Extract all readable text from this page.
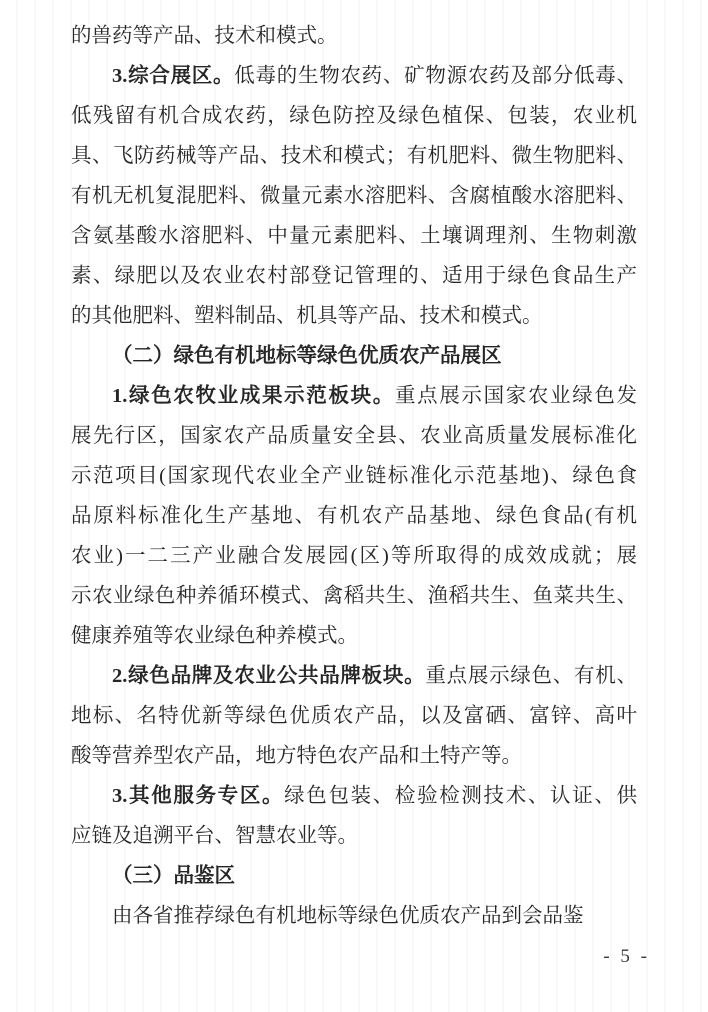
的兽药等产品、技术和模式。
3.综合展区。低毒的生物农药、矿物源农药及部分低毒、
低残留有机合成农药，绿色防控及绿色植保、包装，农业机
具、飞防药械等产品、技术和模式；有机肥料、微生物肥料、
有机无机复混肥料、微量元素水溶肥料、含腐植酸水溶肥料、
含氨基酸水溶肥料、中量元素肥料、土壤调理剂、生物刺激
素、绿肥以及农业农村部登记管理的、适用于绿色食品生产
的其他肥料、塑料制品、机具等产品、技术和模式。
（二）绿色有机地标等绿色优质农产品展区
1.绿色农牧业成果示范板块。重点展示国家农业绿色发
展先行区，国家农产品质量安全县、农业高质量发展标准化
示范项目(国家现代农业全产业链标准化示范基地)、绿色食
品原料标准化生产基地、有机农产品基地、绿色食品(有机
农业)一二三产业融合发展园(区)等所取得的成效成就；展
示农业绿色种养循环模式、禽稻共生、渔稻共生、鱼菜共生、
健康养殖等农业绿色种养模式。
2.绿色品牌及农业公共品牌板块。重点展示绿色、有机、
地标、名特优新等绿色优质农产品，以及富硒、富锌、高叶
酸等营养型农产品，地方特色农产品和土特产等。
3.其他服务专区。绿色包装、检验检测技术、认证、供
应链及追溯平台、智慧农业等。
（三）品鉴区
由各省推荐绿色有机地标等绿色优质农产品到会品鉴
- 5 -
